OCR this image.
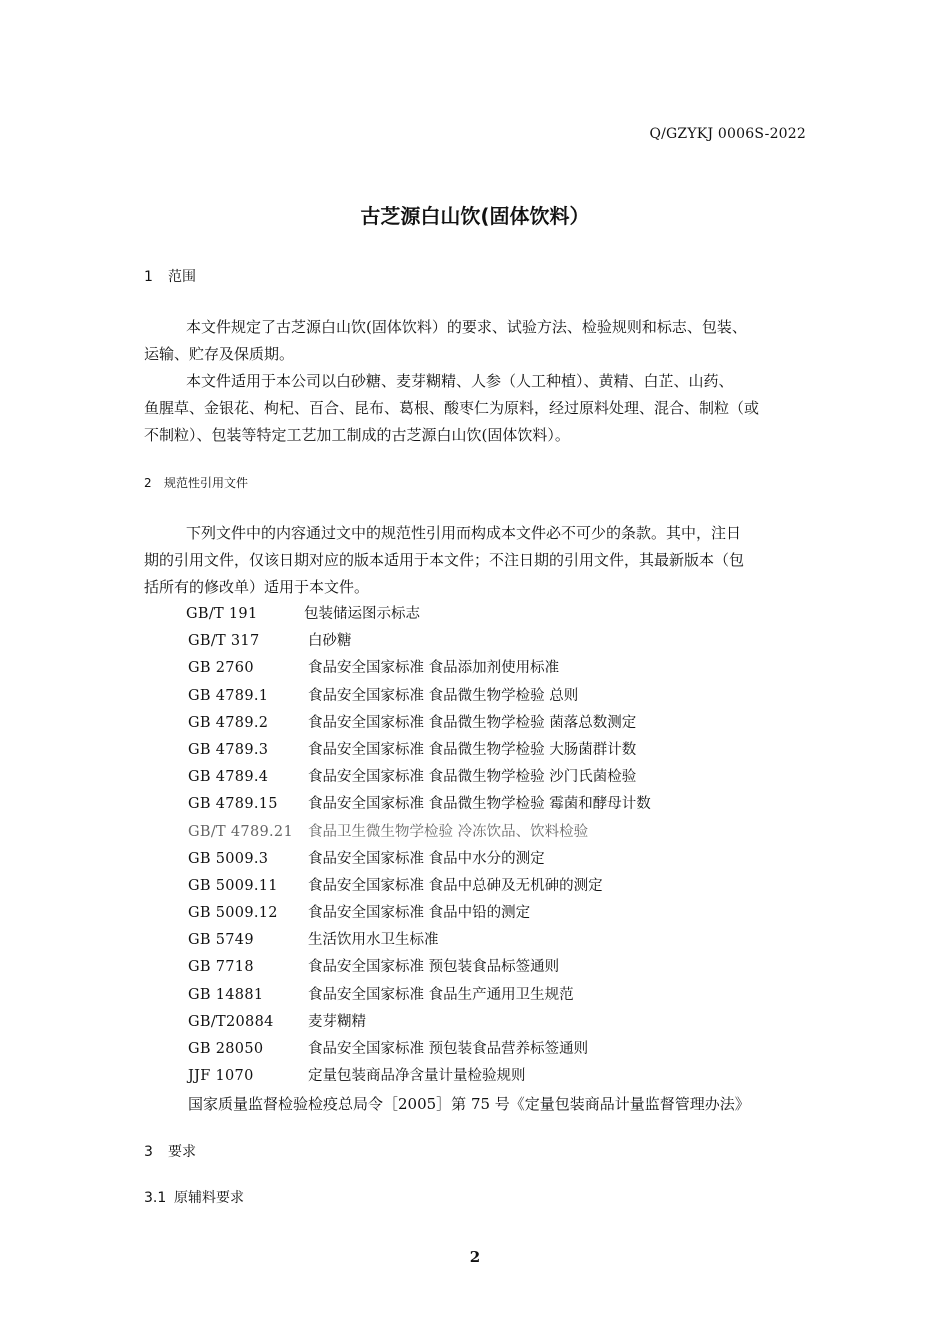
Q/GZYKJ 0006S-2022
古芝源白山饮(固体饮料）
1 范围
本文件规定了古芝源白山饮(固体饮料）的要求、试验方法、检验规则和标志、包装、
运输、贮存及保质期。
本文件适用于本公司以白砂糖、麦芽糊精、人参（人工种植）、黄精、白芷、山药、
鱼腥草、金银花、枸杞、百合、昆布、葛根、酸枣仁为原料，经过原料处理、混合、制粒（或
不制粒）、包装等特定工艺加工制成的古芝源白山饮(固体饮料）。
2 规范性引用文件
下列文件中的内容通过文中的规范性引用而构成本文件必不可少的条款。其中，注日
期的引用文件，仅该日期对应的版本适用于本文件；不注日期的引用文件，其最新版本（包
括所有的修改单）适用于本文件。
GB/T 191	包装储运图示标志
GB/T 317	白砂糖
GB 2760	食品安全国家标准 食品添加剂使用标准
GB 4789.1	食品安全国家标准 食品微生物学检验 总则
GB 4789.2	食品安全国家标准 食品微生物学检验 菌落总数测定
GB 4789.3	食品安全国家标准 食品微生物学检验 大肠菌群计数
GB 4789.4	食品安全国家标准 食品微生物学检验 沙门氏菌检验
GB 4789.15 食品安全国家标准 食品微生物学检验 霉菌和酵母计数
GB/T 4789.21 食品卫生微生物学检验 冷冻饮品、饮料检验
GB 5009.3	食品安全国家标准 食品中水分的测定
GB 5009.11 食品安全国家标准 食品中总砷及无机砷的测定
GB 5009.12 食品安全国家标准 食品中铅的测定
GB 5749	生活饮用水卫生标准
GB 7718	食品安全国家标准 预包装食品标签通则
GB 14881	食品安全国家标准 食品生产通用卫生规范
GB/T20884 麦芽糊精
GB 28050	食品安全国家标准 预包装食品营养标签通则
JJF 1070	定量包装商品净含量计量检验规则
国家质量监督检验检疫总局令［2005］第 75 号《定量包装商品计量监督管理办法》
3 要求
3.1 原辅料要求
2
